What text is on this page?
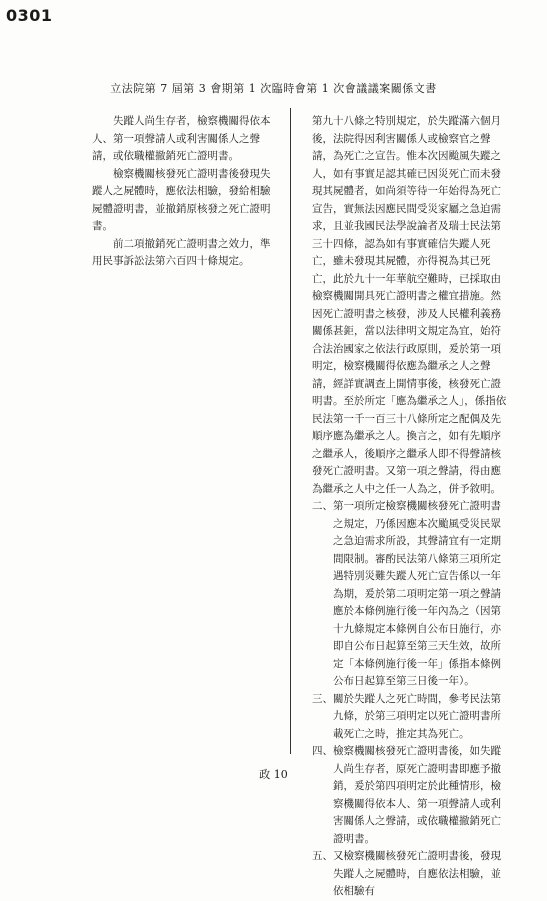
0301
立法院第 7 屆第 3 會期第 1 次臨時會第 1 次會議議案關係文書

失蹤人尚生存者，檢察機關得依本人、第一項聲請人或利害關係人之聲請，或依職權撤銷死亡證明書。

檢察機關核發死亡證明書後發現失蹤人之屍體時，應依法相驗，發給相驗屍體證明書，並撤銷原核發之死亡證明書。

前二項撤銷死亡證明書之效力，準用民事訴訟法第六百四十條規定。

第九十八條之特別規定，於失蹤滿六個月後，法院得因利害關係人或檢察官之聲請，為死亡之宣告。惟本次因颱風失蹤之人，如有事實足認其確已因災死亡而未發現其屍體者，如尚須等待一年始得為死亡宣告，實無法因應民間受災家屬之急迫需求，且並我國民法學說論者及瑞士民法第三十四條，認為如有事實確信失蹤人死亡，雖未發現其屍體，亦得視為其已死亡，此於九十一年華航空難時，已採取由檢察機關開具死亡證明書之權宜措施。然因死亡證明書之核發，涉及人民權利義務關係甚鉅，當以法律明文規定為宜，始符合法治國家之依法行政原則，爰於第一項明定，檢察機關得依應為繼承之人之聲請，經詳實調查上開情事後，核發死亡證明書。至於所定「應為繼承之人」，係指依民法第一千一百三十八條所定之配偶及先順序應為繼承之人。換言之，如有先順序之繼承人，後順序之繼承人即不得聲請核發死亡證明書。又第一項之聲請，得由應為繼承之人中之任一人為之，併予敘明。

二、 第一項所定檢察機關核發死亡證明書之規定，乃係因應本次颱風受災民眾之急迫需求所設，其聲請宜有一定期間限制。審酌民法第八條第三項所定遇特別災難失蹤人死亡宣告係以一年為期，爰於第二項明定第一項之聲請應於本條例施行後一年內為之（因第十九條規定本條例自公布日施行，亦即自公布日起算至第三天生效，故所定「本條例施行後一年」係指本條例公布日起算至第三日後一年）。
三、 關於失蹤人之死亡時間，參考民法第九條，於第三項明定以死亡證明書所載死亡之時，推定其為死亡。
四、 檢察機關核發死亡證明書後，如失蹤人尚生存者，原死亡證明書即應予撤銷，爰於第四項明定於此種情形，檢察機關得依本人、第一項聲請人或利害關係人之聲請，或依職權撤銷死亡證明書。
五、 又檢察機關核發死亡證明書後，發現失蹤人之屍體時，自應依法相驗，並依相驗有
政 10
